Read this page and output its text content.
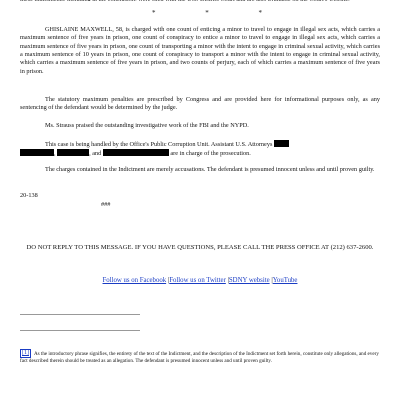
*	*	*

GHISLAINE MAXWELL, 58, is charged with one count of enticing a minor to travel to engage in illegal sex acts, which carries a maximum sentence of five years in prison, one count of conspiracy to entice a minor to travel to engage in illegal sex acts, which carries a maximum sentence of five years in prison, one count of transporting a minor with the intent to engage in criminal sexual activity, which carries a maximum sentence of 10 years in prison, one count of conspiracy to transport a minor with the intent to engage in criminal sexual activity, which carries a maximum sentence of five years in prison, and two counts of perjury, each of which carries a maximum sentence of five years in prison.

The statutory maximum penalties are prescribed by Congress and are provided here for informational purposes only, as any sentencing of the defendant would be determined by the judge.

Ms. Strauss praised the outstanding investigative work of the FBI and the NYPD.

This case is being handled by the Office's Public Corruption Unit. Assistant U.S. Attorneys
,	, and	are in charge of the prosecution.

The charges contained in the Indictment are merely accusations. The defendant is presumed innocent unless and until proven guilty.

20-138

###

DO NOT REPLY TO THIS MESSAGE. IF YOU HAVE QUESTIONS, PLEASE CALL THE PRESS OFFICE AT (212) 637-2600.

Follow us on Facebook |Follow us on Twitter |SDNY website |YouTube

[1] As the introductory phrase signifies, the entirety of the text of the Indictment, and the description of the Indictment set forth herein, constitute only allegations, and every fact described therein should be treated as an allegation. The defendant is presumed innocent unless and until proven guilty.
